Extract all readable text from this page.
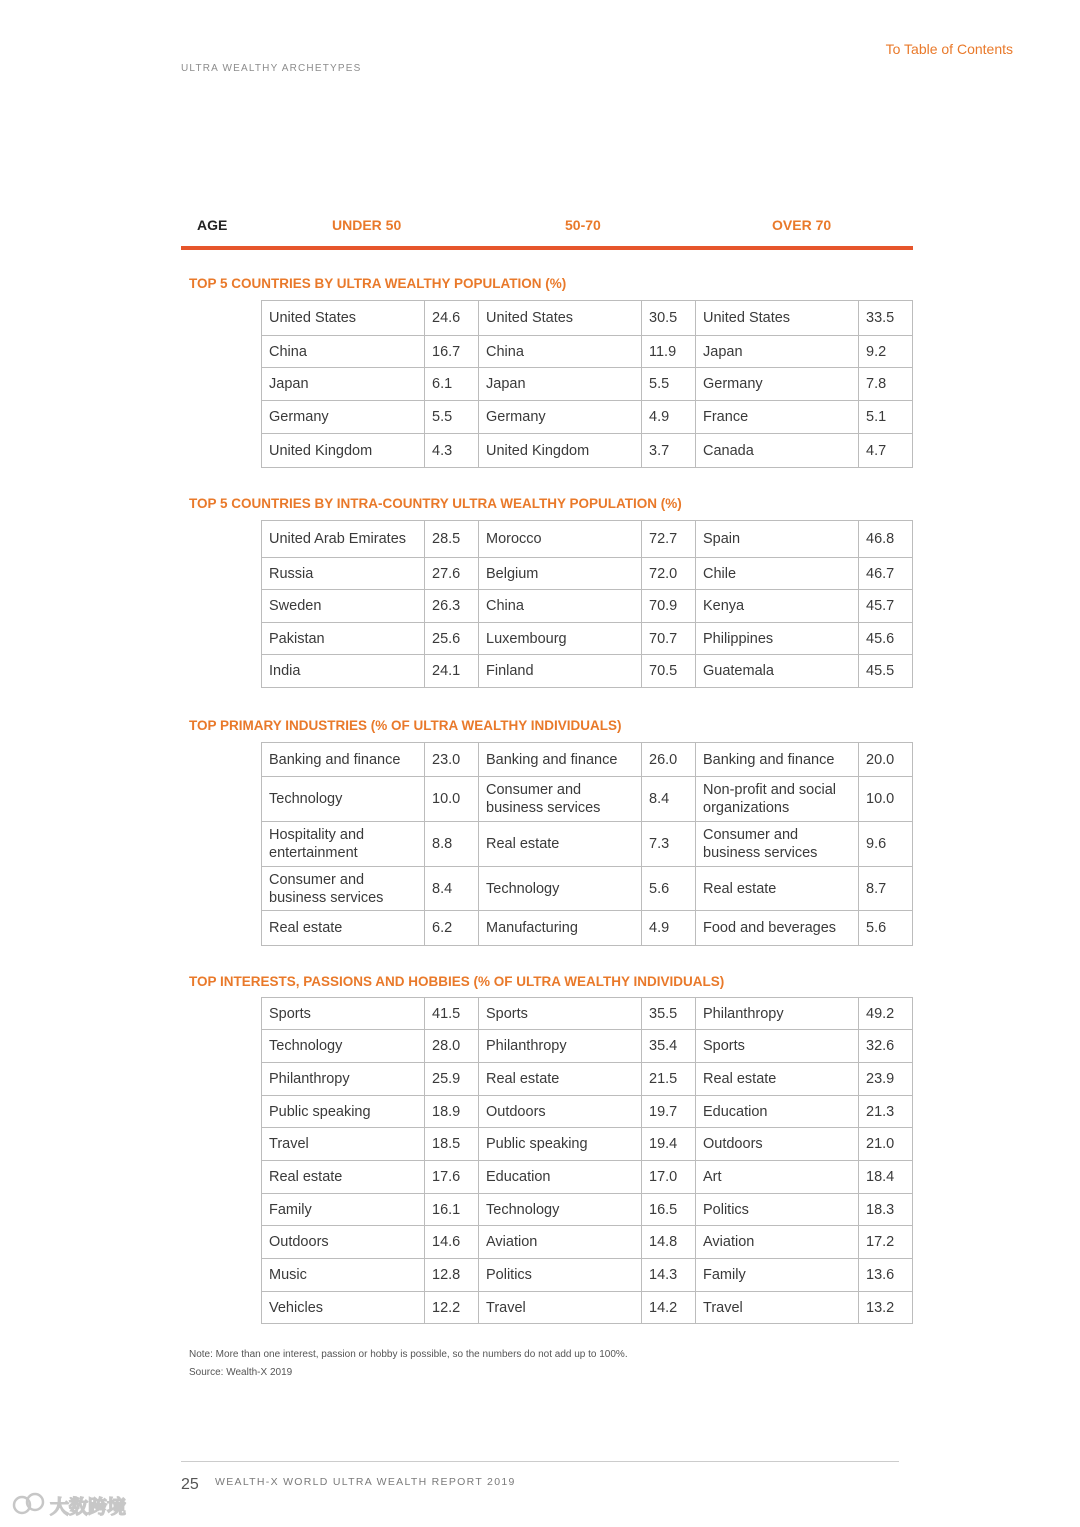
ULTRA WEALTHY ARCHETYPES
To Table of Contents
AGE	UNDER 50	50-70	OVER 70
TOP 5 COUNTRIES BY ULTRA WEALTHY POPULATION (%)
United States	24.6	United States	30.5	United States	33.5
China	16.7	China	11.9	Japan	9.2
Japan	6.1	Japan	5.5	Germany	7.8
Germany	5.5	Germany	4.9	France	5.1
United Kingdom	4.3	United Kingdom	3.7	Canada	4.7
TOP 5 COUNTRIES BY INTRA-COUNTRY ULTRA WEALTHY POPULATION (%)
United Arab Emirates	28.5	Morocco	72.7	Spain	46.8
Russia	27.6	Belgium	72.0	Chile	46.7
Sweden	26.3	China	70.9	Kenya	45.7
Pakistan	25.6	Luxembourg	70.7	Philippines	45.6
India	24.1	Finland	70.5	Guatemala	45.5
TOP PRIMARY INDUSTRIES (% OF ULTRA WEALTHY INDIVIDUALS)
Banking and finance	23.0	Banking and finance	26.0	Banking and finance	20.0
Technology	10.0	Consumer and business services	8.4	Non-profit and social organizations	10.0
Hospitality and entertainment	8.8	Real estate	7.3	Consumer and business services	9.6
Consumer and business services	8.4	Technology	5.6	Real estate	8.7
Real estate	6.2	Manufacturing	4.9	Food and beverages	5.6
TOP INTERESTS, PASSIONS AND HOBBIES (% OF ULTRA WEALTHY INDIVIDUALS)
Sports	41.5	Sports	35.5	Philanthropy	49.2
Technology	28.0	Philanthropy	35.4	Sports	32.6
Philanthropy	25.9	Real estate	21.5	Real estate	23.9
Public speaking	18.9	Outdoors	19.7	Education	21.3
Travel	18.5	Public speaking	19.4	Outdoors	21.0
Real estate	17.6	Education	17.0	Art	18.4
Family	16.1	Technology	16.5	Politics	18.3
Outdoors	14.6	Aviation	14.8	Aviation	17.2
Music	12.8	Politics	14.3	Family	13.6
Vehicles	12.2	Travel	14.2	Travel	13.2
Note: More than one interest, passion or hobby is possible, so the numbers do not add up to 100%.
Source: Wealth-X 2019
25 WEALTH-X WORLD ULTRA WEALTH REPORT 2019
大数跨境
